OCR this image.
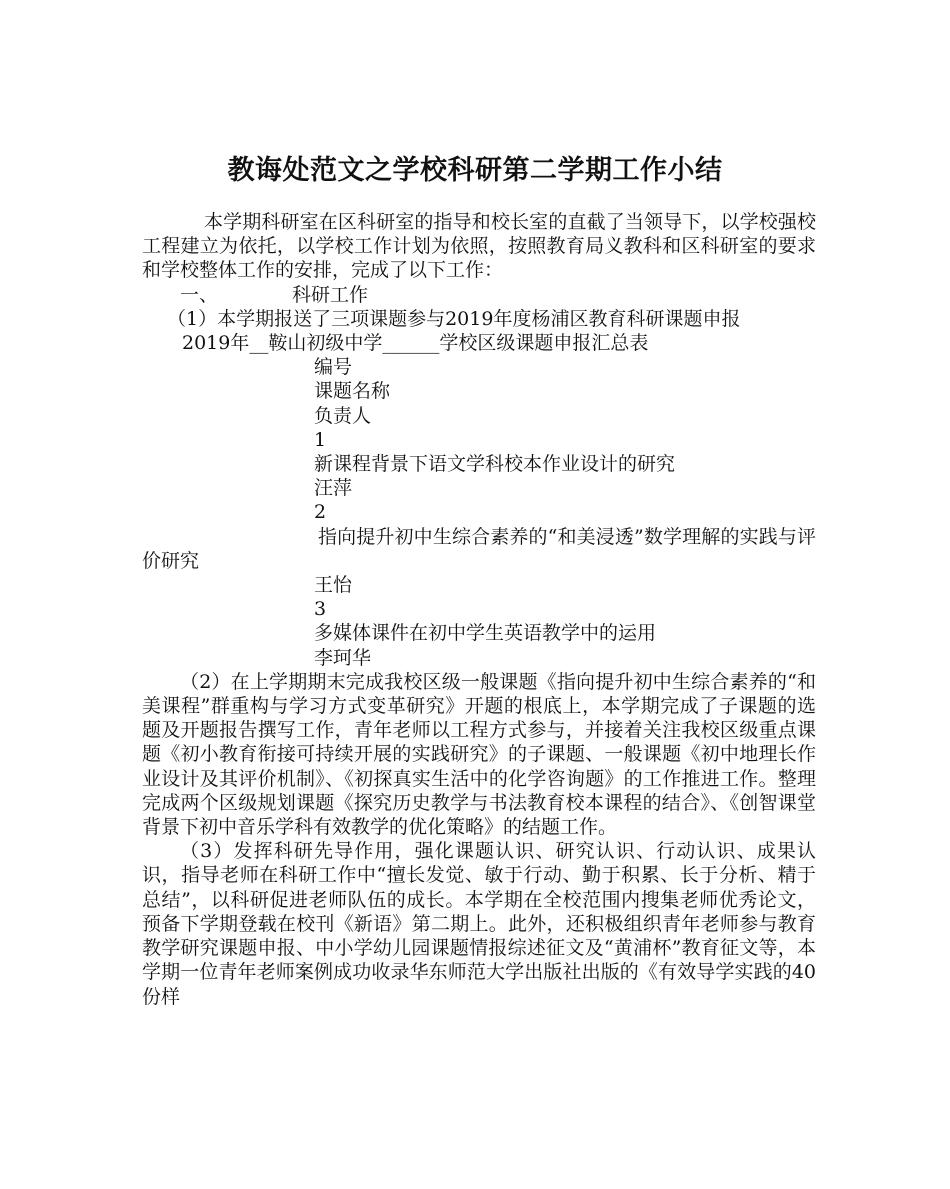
教诲处范文之学校科研第二学期工作小结

本学期科研室在区科研室的指导和校长室的直截了当领导下，以学校强校工程建立为依托，以学校工作计划为依照，按照教育局义教科和区科研室的要求和学校整体工作的安排，完成了以下工作：

一、	科研工作

（1）本学期报送了三项课题参与2019年度杨浦区教育科研课题申报

2019年__鞍山初级中学______学校区级课题申报汇总表

编号

课题名称

负责人

1

新课程背景下语文学科校本作业设计的研究

汪萍

2

指向提升初中生综合素养的“和美浸透”数学理解的实践与评价研究

王怡

3

多媒体课件在初中学生英语教学中的运用

李珂华

（2）在上学期期末完成我校区级一般课题《指向提升初中生综合素养的“和美课程”群重构与学习方式变革研究》开题的根底上，本学期完成了子课题的选题及开题报告撰写工作，青年老师以工程方式参与，并接着关注我校区级重点课题《初小教育衔接可持续开展的实践研究》的子课题、一般课题《初中地理长作业设计及其评价机制》、《初探真实生活中的化学咨询题》的工作推进工作。整理完成两个区级规划课题《探究历史教学与书法教育校本课程的结合》、《创智课堂背景下初中音乐学科有效教学的优化策略》的结题工作。

（3）发挥科研先导作用，强化课题认识、研究认识、行动认识、成果认识，指导老师在科研工作中“擅长发觉、敏于行动、勤于积累、长于分析、精于总结”，以科研促进老师队伍的成长。本学期在全校范围内搜集老师优秀论文，预备下学期登载在校刊《新语》第二期上。此外，还积极组织青年老师参与教育教学研究课题申报、中小学幼儿园课题情报综述征文及“黄浦杯”教育征文等，本学期一位青年老师案例成功收录华东师范大学出版社出版的《有效导学实践的40份样
